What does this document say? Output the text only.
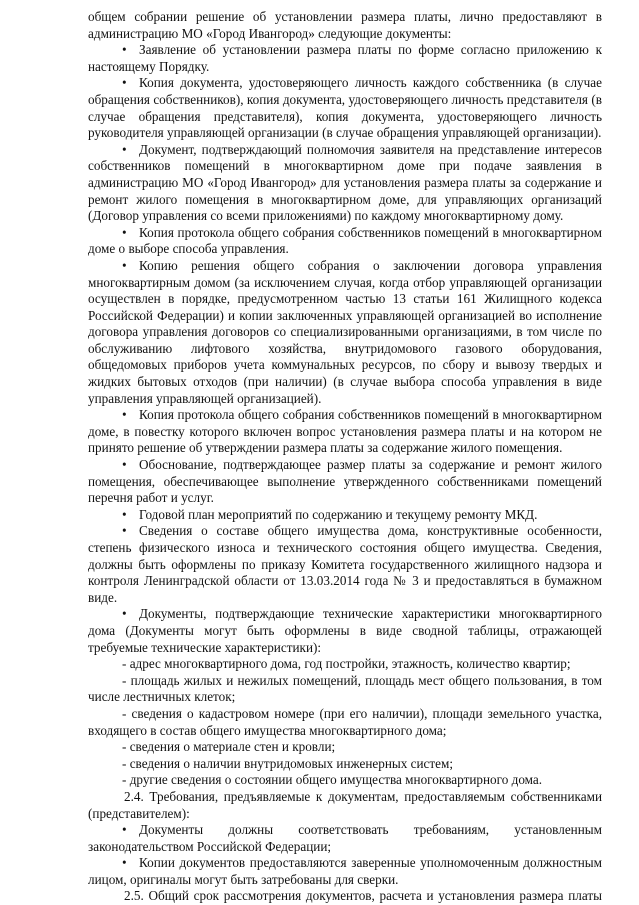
общем собрании решение об установлении размера платы, лично предоставляют в администрацию МО «Город Ивангород» следующие документы:

• Заявление об установлении размера платы по форме согласно приложению к настоящему Порядку.

• Копия документа, удостоверяющего личность каждого собственника (в случае обращения собственников), копия документа, удостоверяющего личность представителя (в случае обращения представителя), копия документа, удостоверяющего личность руководителя управляющей организации (в случае обращения управляющей организации).

• Документ, подтверждающий полномочия заявителя на представление интересов собственников помещений в многоквартирном доме при подаче заявления в администрацию МО «Город Ивангород» для установления размера платы за содержание и ремонт жилого помещения в многоквартирном доме, для управляющих организаций (Договор управления со всеми приложениями) по каждому многоквартирному дому.

• Копия протокола общего собрания собственников помещений в многоквартирном доме о выборе способа управления.

• Копию решения общего собрания о заключении договора управления многоквартирным домом (за исключением случая, когда отбор управляющей организации осуществлен в порядке, предусмотренном частью 13 статьи 161 Жилищного кодекса Российской Федерации) и копии заключенных управляющей организацией во исполнение договора управления договоров со специализированными организациями, в том числе по обслуживанию лифтового хозяйства, внутридомового газового оборудования, общедомовых приборов учета коммунальных ресурсов, по сбору и вывозу твердых и жидких бытовых отходов (при наличии) (в случае выбора способа управления в виде управления управляющей организацией).

• Копия протокола общего собрания собственников помещений в многоквартирном доме, в повестку которого включен вопрос установления размера платы и на котором не принято решение об утверждении размера платы за содержание жилого помещения.

• Обоснование, подтверждающее размер платы за содержание и ремонт жилого помещения, обеспечивающее выполнение утвержденного собственниками помещений перечня работ и услуг.

• Годовой план мероприятий по содержанию и текущему ремонту МКД.

• Сведения о составе общего имущества дома, конструктивные особенности, степень физического износа и технического состояния общего имущества. Сведения, должны быть оформлены по приказу Комитета государственного жилищного надзора и контроля Ленинградской области от 13.03.2014 года № 3 и предоставляться в бумажном виде.

• Документы, подтверждающие технические характеристики многоквартирного дома (Документы могут быть оформлены в виде сводной таблицы, отражающей требуемые технические характеристики):

- адрес многоквартирного дома, год постройки, этажность, количество квартир;

- площадь жилых и нежилых помещений, площадь мест общего пользования, в том числе лестничных клеток;

- сведения о кадастровом номере (при его наличии), площади земельного участка, входящего в состав общего имущества многоквартирного дома;

- сведения о материале стен и кровли;

- сведения о наличии внутридомовых инженерных систем;

- другие сведения о состоянии общего имущества многоквартирного дома.

2.4. Требования, предъявляемые к документам, предоставляемым собственниками (представителем):

• Документы должны соответствовать требованиям, установленным законодательством Российской Федерации;

• Копии документов предоставляются заверенные уполномоченным должностным лицом, оригиналы могут быть затребованы для сверки.

2.5. Общий срок рассмотрения документов, расчета и установления размера платы
